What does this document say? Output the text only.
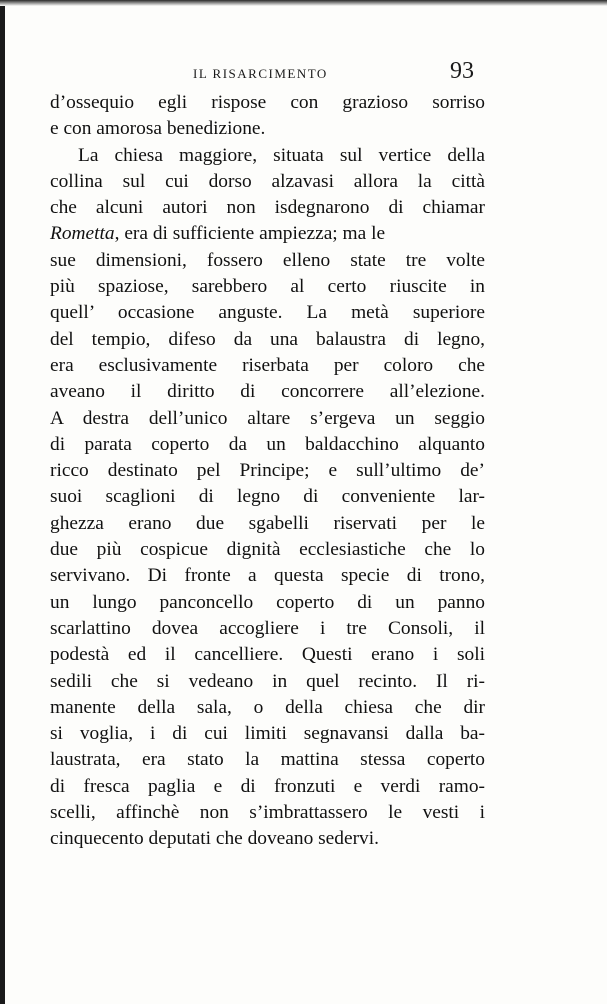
IL RISARCIMENTO	93
d’ossequio egli rispose con grazioso sorriso
e con amorosa benedizione.
La chiesa maggiore, situata sul vertice della
collina sul cui dorso alzavasi allora la città
che alcuni autori non isdegnarono di chiamar
Rometta, era di sufficiente ampiezza; ma le
sue dimensioni, fossero elleno state tre volte
più spaziose, sarebbero al certo riuscite in
quell’ occasione anguste. La metà superiore
del tempio, difeso da una balaustra di legno,
era esclusivamente riserbata per coloro che
aveano il diritto di concorrere all’elezione.
A destra dell’unico altare s’ergeva un seggio
di parata coperto da un baldacchino alquanto
ricco destinato pel Principe; e sull’ultimo de’
suoi scaglioni di legno di conveniente lar-
ghezza erano due sgabelli riservati per le
due più cospicue dignità ecclesiastiche che lo
servivano. Di fronte a questa specie di trono,
un lungo panconcello coperto di un panno
scarlattino dovea accogliere i tre Consoli, il
podestà ed il cancelliere. Questi erano i soli
sedili che si vedeano in quel recinto. Il ri-
manente della sala, o della chiesa che dir
si voglia, i di cui limiti segnavansi dalla ba-
laustrata, era stato la mattina stessa coperto
di fresca paglia e di fronzuti e verdi ramo-
scelli, affinchè non s’imbrattassero le vesti i
cinquecento deputati che doveano sedervi.
